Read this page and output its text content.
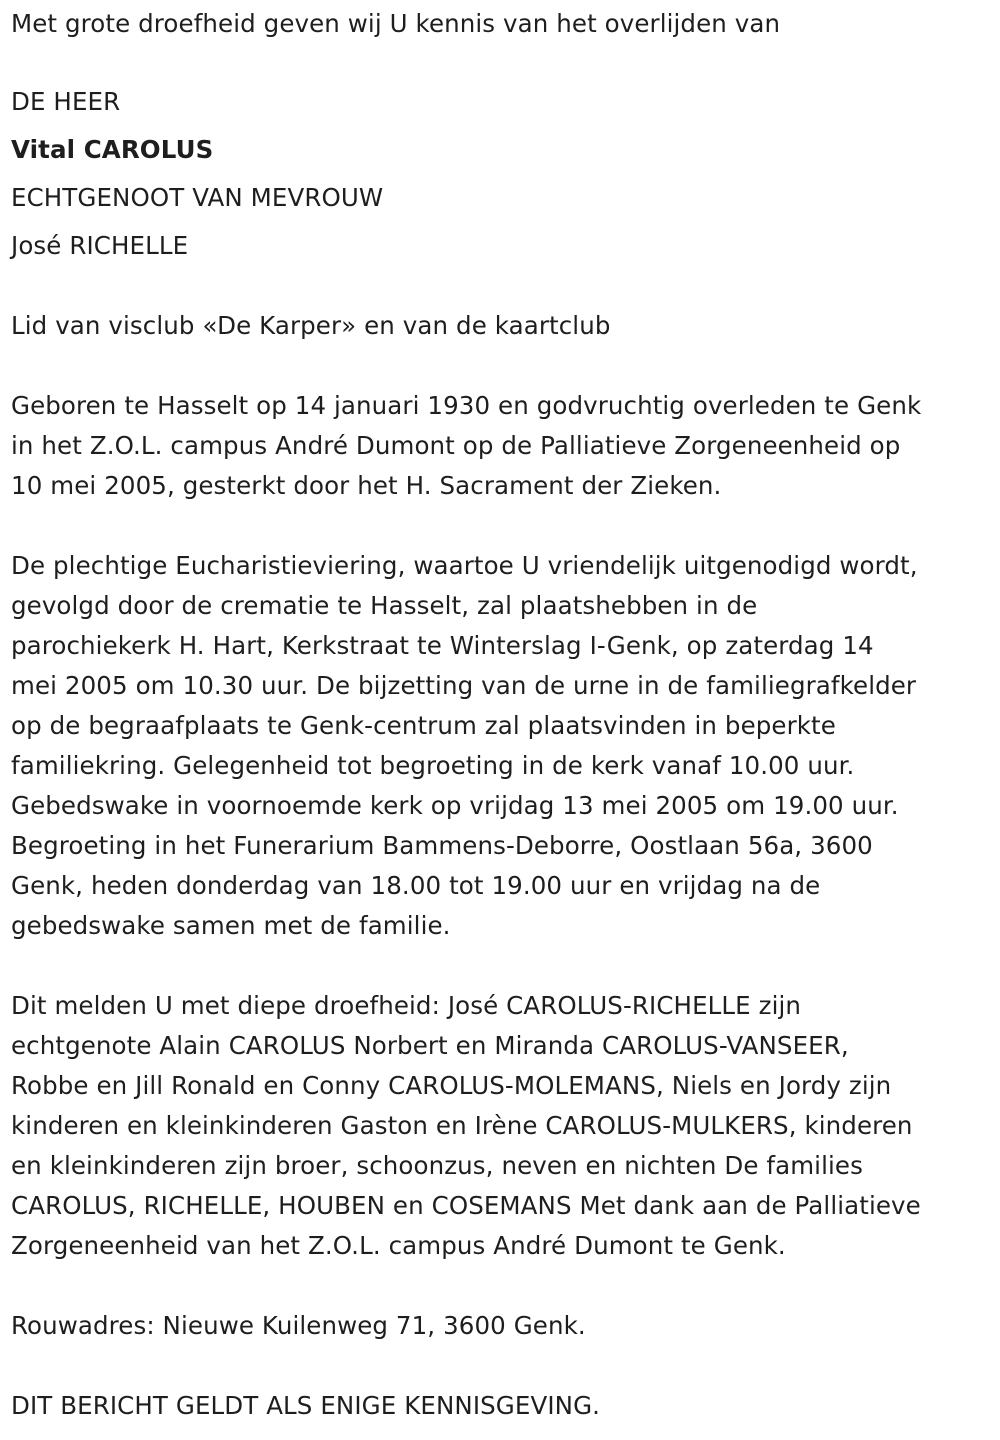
Met grote droefheid geven wij U kennis van het overlijden van

DE HEER

Vital CAROLUS

ECHTGENOOT VAN MEVROUW

José RICHELLE

Lid van visclub «De Karper» en van de kaartclub

Geboren te Hasselt op 14 januari 1930 en godvruchtig overleden te Genk
in het Z.O.L. campus André Dumont op de Palliatieve Zorgeneenheid op
10 mei 2005, gesterkt door het H. Sacrament der Zieken.

De plechtige Eucharistieviering, waartoe U vriendelijk uitgenodigd wordt,
gevolgd door de crematie te Hasselt, zal plaatshebben in de
parochiekerk H. Hart, Kerkstraat te Winterslag I-Genk, op zaterdag 14
mei 2005 om 10.30 uur. De bijzetting van de urne in de familiegrafkelder
op de begraafplaats te Genk-centrum zal plaatsvinden in beperkte
familiekring. Gelegenheid tot begroeting in de kerk vanaf 10.00 uur.
Gebedswake in voornoemde kerk op vrijdag 13 mei 2005 om 19.00 uur.
Begroeting in het Funerarium Bammens-Deborre, Oostlaan 56a, 3600
Genk, heden donderdag van 18.00 tot 19.00 uur en vrijdag na de
gebedswake samen met de familie.

Dit melden U met diepe droefheid: José CAROLUS-RICHELLE zijn
echtgenote Alain CAROLUS Norbert en Miranda CAROLUS-VANSEER,
Robbe en Jill Ronald en Conny CAROLUS-MOLEMANS, Niels en Jordy zijn
kinderen en kleinkinderen Gaston en Irène CAROLUS-MULKERS, kinderen
en kleinkinderen zijn broer, schoonzus, neven en nichten De families
CAROLUS, RICHELLE, HOUBEN en COSEMANS Met dank aan de Palliatieve
Zorgeneenheid van het Z.O.L. campus André Dumont te Genk.

Rouwadres: Nieuwe Kuilenweg 71, 3600 Genk.

DIT BERICHT GELDT ALS ENIGE KENNISGEVING.
